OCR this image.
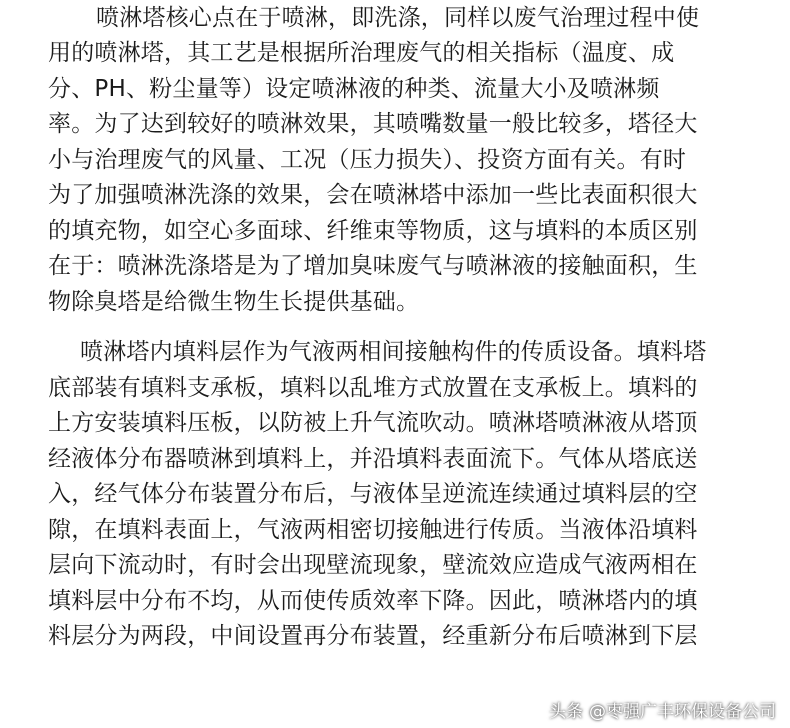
喷淋塔核心点在于喷淋，即洗涤，同样以废气治理过程中使
用的喷淋塔，其工艺是根据所治理废气的相关指标（温度、成
分、PH、粉尘量等）设定喷淋液的种类、流量大小及喷淋频
率。为了达到较好的喷淋效果，其喷嘴数量一般比较多，塔径大
小与治理废气的风量、工况（压力损失）、投资方面有关。有时
为了加强喷淋洗涤的效果，会在喷淋塔中添加一些比表面积很大
的填充物，如空心多面球、纤维束等物质，这与填料的本质区别
在于：喷淋洗涤塔是为了增加臭味废气与喷淋液的接触面积，生
物除臭塔是给微生物生长提供基础。
喷淋塔内填料层作为气液两相间接触构件的传质设备。填料塔
底部装有填料支承板，填料以乱堆方式放置在支承板上。填料的
上方安装填料压板，以防被上升气流吹动。喷淋塔喷淋液从塔顶
经液体分布器喷淋到填料上，并沿填料表面流下。气体从塔底送
入，经气体分布装置分布后，与液体呈逆流连续通过填料层的空
隙，在填料表面上，气液两相密切接触进行传质。当液体沿填料
层向下流动时，有时会出现壁流现象，壁流效应造成气液两相在
填料层中分布不均，从而使传质效率下降。因此，喷淋塔内的填
料层分为两段，中间设置再分布装置，经重新分布后喷淋到下层
头条 @枣强广丰环保设备公司
